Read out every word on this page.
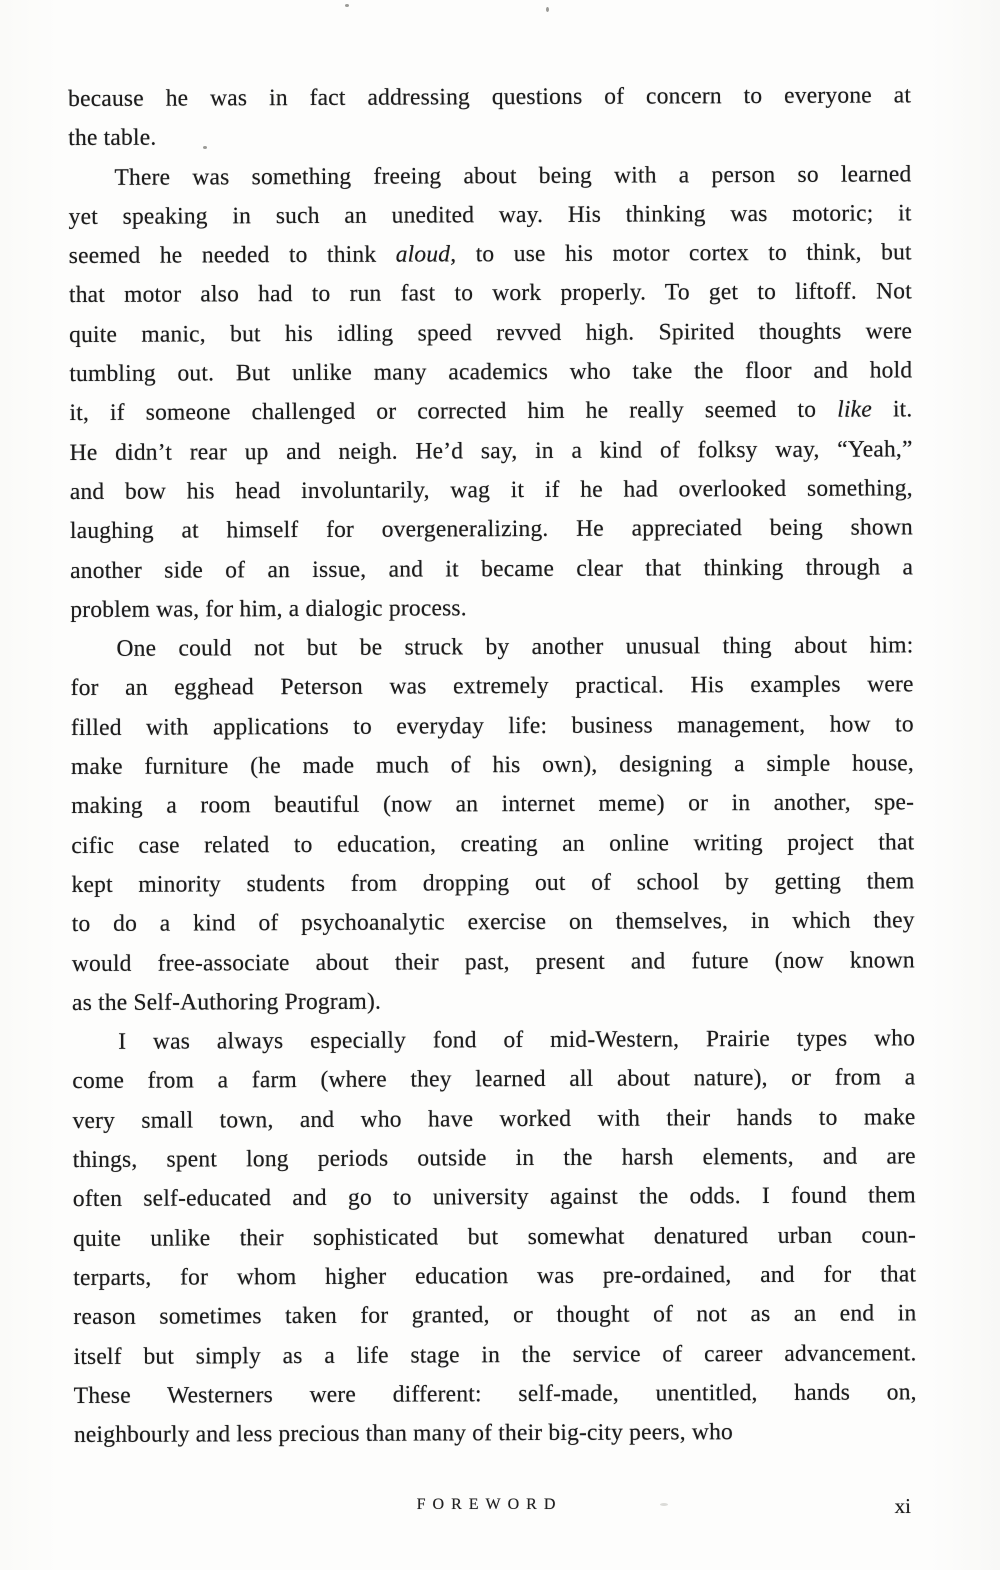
because he was in fact addressing questions of concern to everyone at
the table.

There was something freeing about being with a person so learned
yet speaking in such an unedited way. His thinking was motoric; it
seemed he needed to think aloud, to use his motor cortex to think, but
that motor also had to run fast to work properly. To get to liftoff. Not
quite manic, but his idling speed revved high. Spirited thoughts were
tumbling out. But unlike many academics who take the floor and hold
it, if someone challenged or corrected him he really seemed to like it.
He didn’t rear up and neigh. He’d say, in a kind of folksy way, “Yeah,”
and bow his head involuntarily, wag it if he had overlooked something,
laughing at himself for overgeneralizing. He appreciated being shown
another side of an issue, and it became clear that thinking through a
problem was, for him, a dialogic process.

One could not but be struck by another unusual thing about him:
for an egghead Peterson was extremely practical. His examples were
filled with applications to everyday life: business management, how to
make furniture (he made much of his own), designing a simple house,
making a room beautiful (now an internet meme) or in another, spe-
cific case related to education, creating an online writing project that
kept minority students from dropping out of school by getting them
to do a kind of psychoanalytic exercise on themselves, in which they
would free-associate about their past, present and future (now known
as the Self-Authoring Program).

I was always especially fond of mid-Western, Prairie types who
come from a farm (where they learned all about nature), or from a
very small town, and who have worked with their hands to make
things, spent long periods outside in the harsh elements, and are
often self-educated and go to university against the odds. I found them
quite unlike their sophisticated but somewhat denatured urban coun-
terparts, for whom higher education was pre-ordained, and for that
reason sometimes taken for granted, or thought of not as an end in
itself but simply as a life stage in the service of career advancement.
These Westerners were different: self-made, unentitled, hands on,
neighbourly and less precious than many of their big-city peers, who

FOREWORD	xi
